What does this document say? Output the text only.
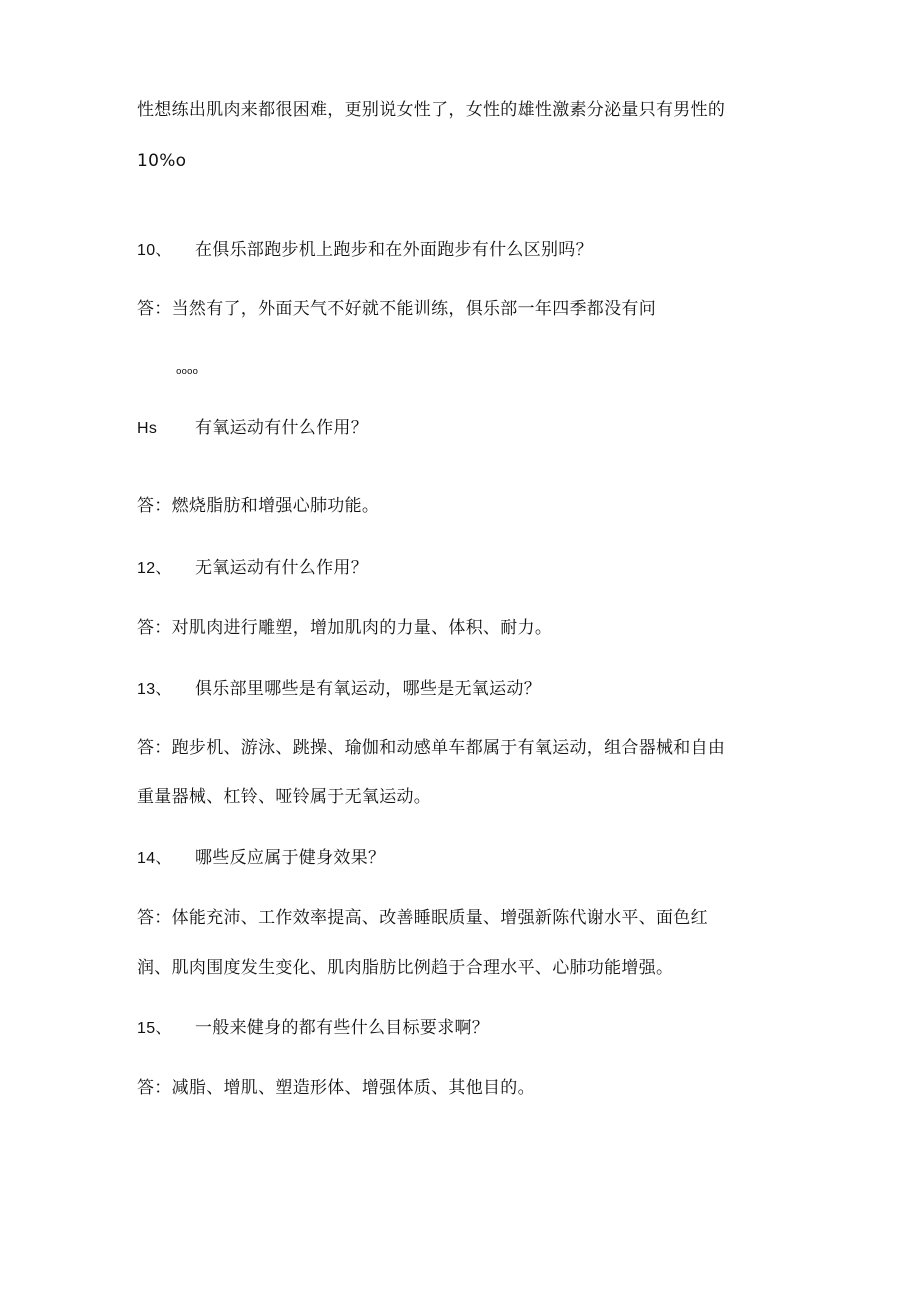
性想练出肌肉来都很困难，更别说女性了，女性的雄性激素分泌量只有男性的
10%o
10、 在俱乐部跑步机上跑步和在外面跑步有什么区别吗？
答：当然有了，外面天气不好就不能训练，俱乐部一年四季都没有问
oooo
Hs 有氧运动有什么作用？
答：燃烧脂肪和增强心肺功能。
12、 无氧运动有什么作用？
答：对肌肉进行雕塑，增加肌肉的力量、体积、耐力。
13、 俱乐部里哪些是有氧运动，哪些是无氧运动？
答：跑步机、游泳、跳操、瑜伽和动感单车都属于有氧运动，组合器械和自由
重量器械、杠铃、哑铃属于无氧运动。
14、 哪些反应属于健身效果？
答：体能充沛、工作效率提高、改善睡眠质量、增强新陈代谢水平、面色红
润、肌肉围度发生变化、肌肉脂肪比例趋于合理水平、心肺功能增强。
15、 一般来健身的都有些什么目标要求啊？
答：减脂、增肌、塑造形体、增强体质、其他目的。
